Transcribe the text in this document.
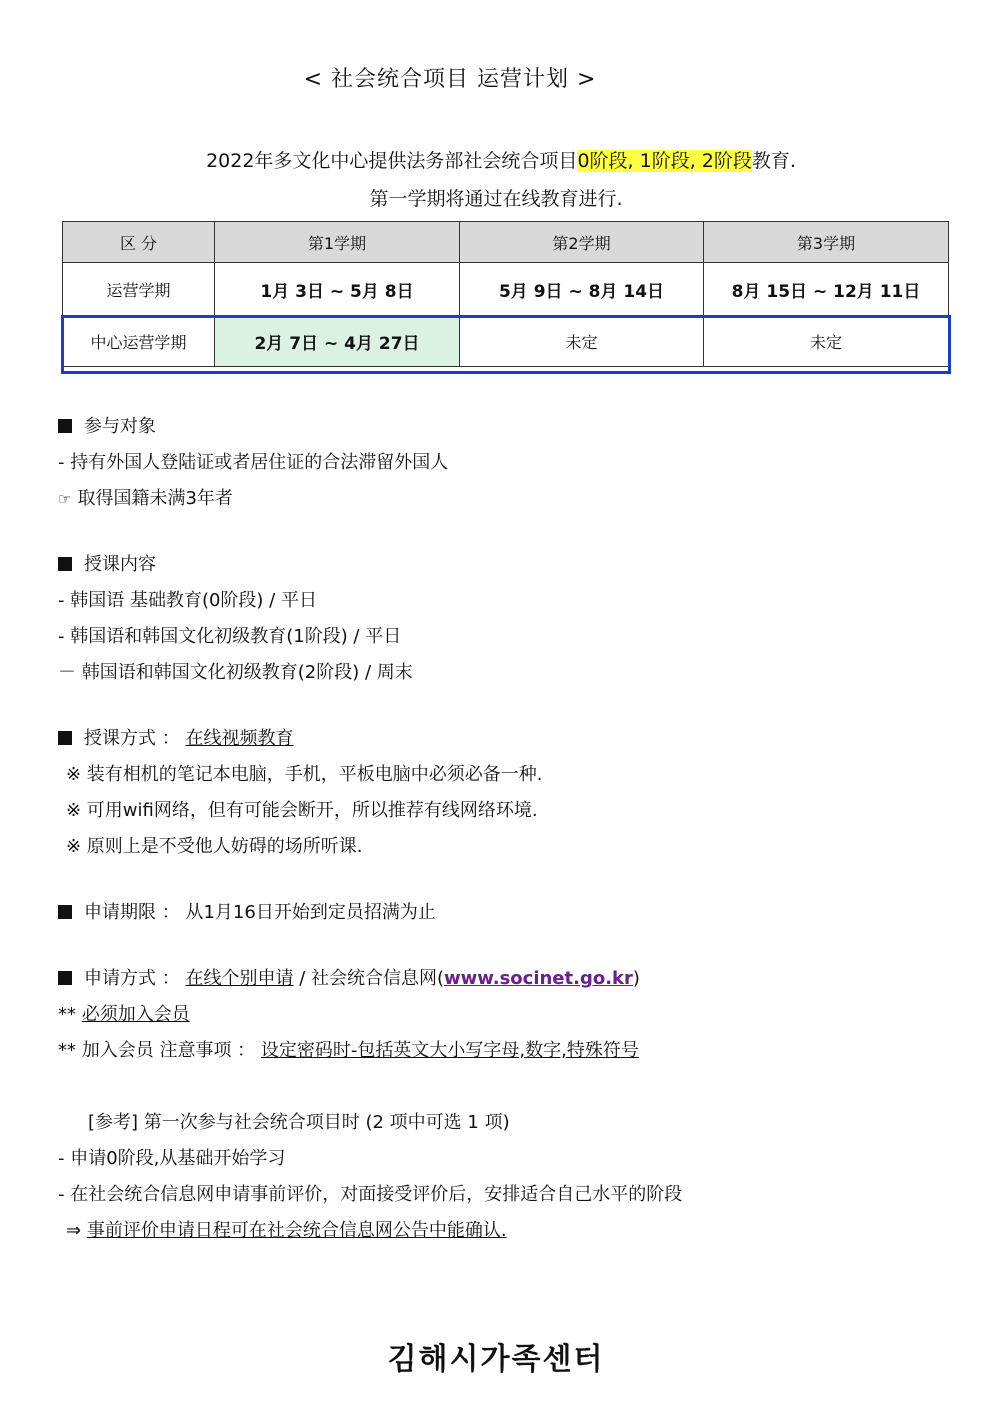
< 社会统合项目 运营计划 >
2022年多文化中心提供法务部社会统合项目0阶段, 1阶段, 2阶段教育.
第一学期将通过在线教育进行.
区 分	第1学期	第2学期	第3学期
运营学期	1月 3日 ~ 5月 8日	5月 9日 ~ 8月 14日	8月 15日 ~ 12月 11日
中心运营学期	2月 7日 ~ 4月 27日	未定	未定
参与对象
- 持有外国人登陆证或者居住证的合法滞留外国人
☞ 取得国籍未满3年者
授课内容
- 韩国语 基础教育(0阶段) / 平日
- 韩国语和韩国文化初级教育(1阶段) / 平日
－ 韩国语和韩国文化初级教育(2阶段) / 周末
授课方式 ： 在线视频教育
※ 装有相机的笔记本电脑，手机，平板电脑中必须必备一种.
※ 可用wifi网络，但有可能会断开，所以推荐有线网络环境.
※ 原则上是不受他人妨碍的场所听课.
申请期限 ： 从1月16日开始到定员招满为止
申请方式 ： 在线个别申请 / 社会统合信息网(www.socinet.go.kr)
** 必须加入会员
** 加入会员 注意事项 ： 设定密码时-包括英文大小写字母,数字,特殊符号
[参考] 第一次参与社会统合项目时 (2 项中可选 1 项)
- 申请0阶段,从基础开始学习
- 在社会统合信息网申请事前评价，对面接受评价后，安排适合自己水平的阶段
⇒ 事前评价申请日程可在社会统合信息网公告中能确认.
김해시가족센터
